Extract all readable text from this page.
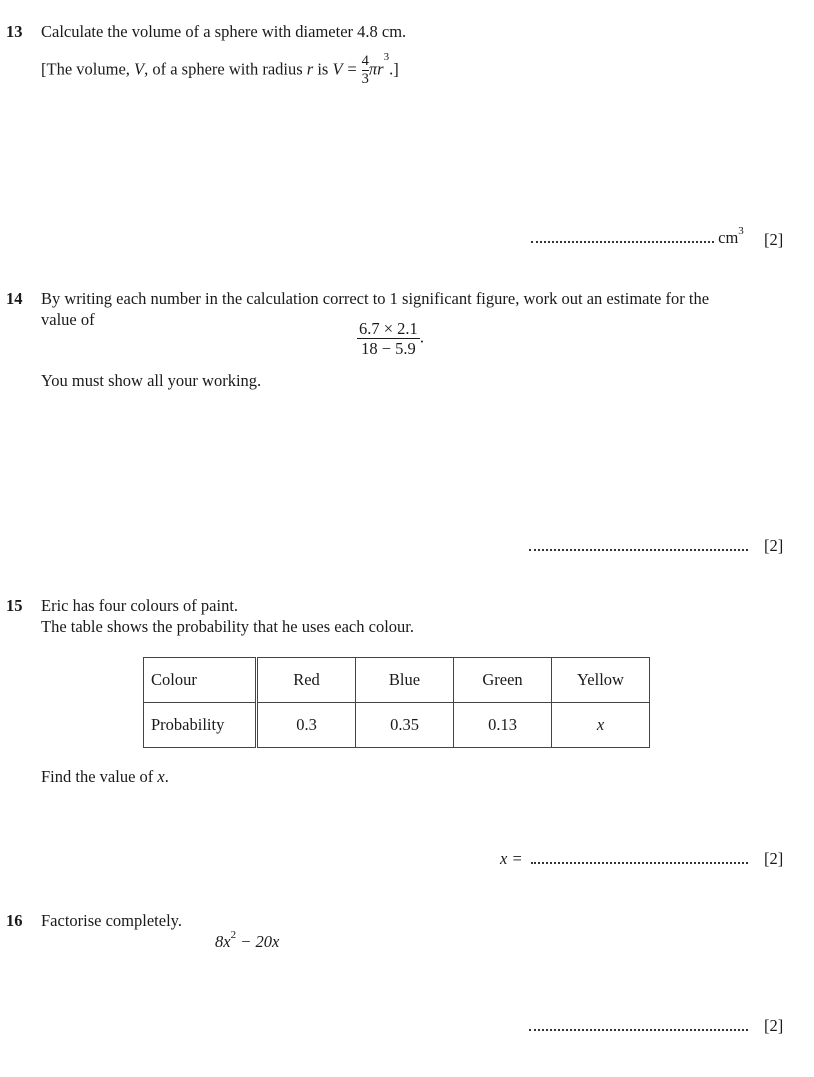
13 Calculate the volume of a sphere with diameter 4.8 cm.
[The volume, V, of a sphere with radius r is $V = \frac{4}{3} \pi r^3$.]
$cm^3$ [2]
14 By writing each number in the calculation correct to 1 significant figure, work out an estimate for the
value of
$\frac{6.7 \times 2.1}{18 - 5.9}$ .
You must show all your working.
[2]
15 Eric has four colours of paint.
The table shows the probability that he uses each colour.
Colour	Red	Blue	Green	Yellow
Probability	0.3	0.35	0.13	x
Find the value of x.
x =	[2]
16 Factorise completely.
$8x^2 - 20x$
[2]
